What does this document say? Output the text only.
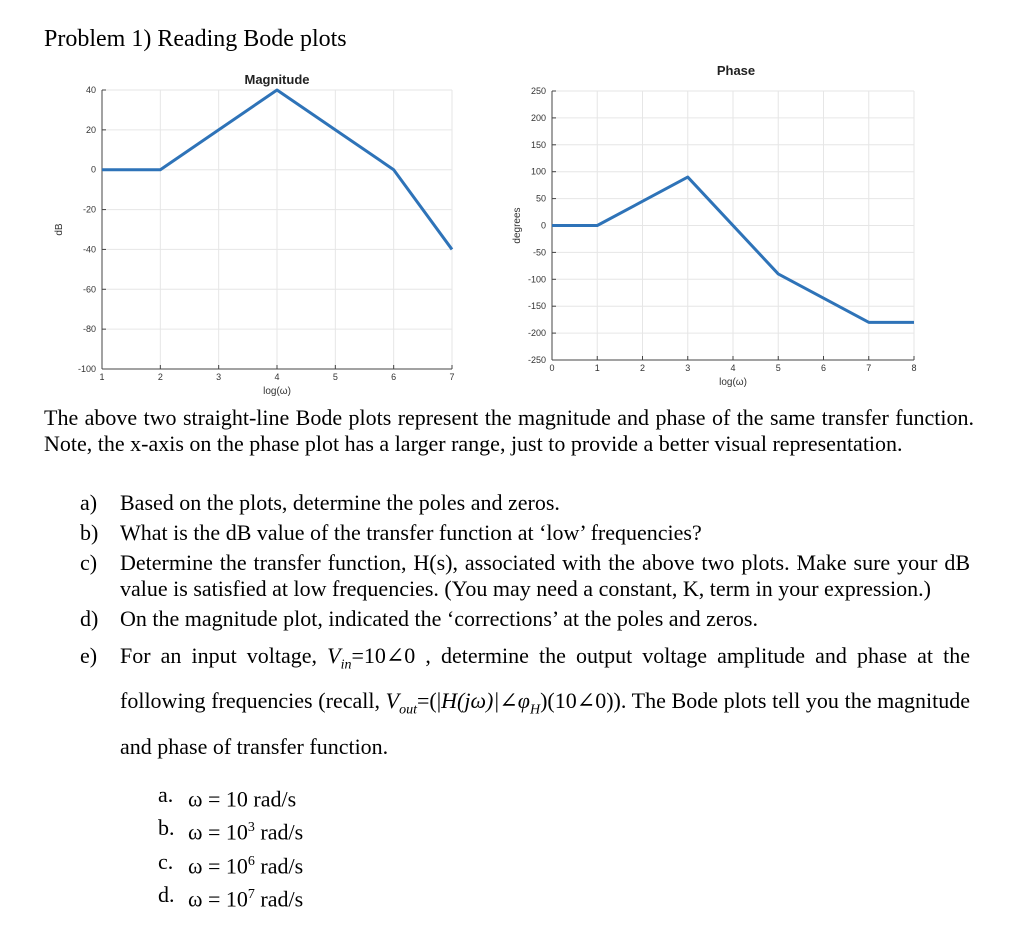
Problem 1) Reading Bode plots
40
20
0
-20
-40
-60
-80
-100
1	2	3	4	5	6	7
Magnitude
log(ω)
dB
250
200
150
100
50
0
-50
-100
-150
-200
-250
0	1	2	3	4	5	6	7	8
Phase
log(ω)
degrees
The above two straight-line Bode plots represent the magnitude and phase of the same transfer function. Note, the x-axis on the phase plot has a larger range, just to provide a better visual representation.
a)	Based on the plots, determine the poles and zeros.
b) What is the dB value of the transfer function at ‘low’ frequencies?
c)	Determine the transfer function, H(s), associated with the above two plots. Make sure your dB value is satisfied at low frequencies. (You may need a constant, K, term in your expression.)
d) On the magnitude plot, indicated the ‘corrections’ at the poles and zeros.
e)	For an input voltage, $V_{in}=10\angle 0$ , determine the output voltage amplitude and phase at the following frequencies (recall, $V_{out}=(|H(j\omega)|\angle\varphi_H)(10\angle 0)$). The Bode plots tell you the magnitude and phase of transfer function.
a. ω = 10 rad/s
b. $\omega = 10^3$ rad/s
c. $\omega = 10^6$ rad/s
d. $\omega = 10^7$ rad/s
